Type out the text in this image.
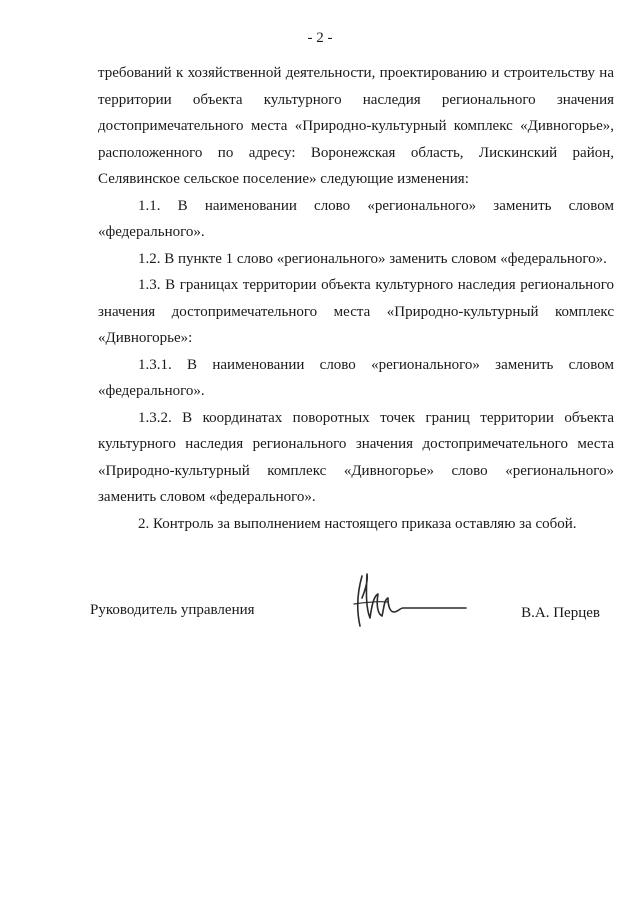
- 2 -

требований к хозяйственной деятельности, проектированию и строительству на территории объекта культурного наследия регионального значения достопримечательного места «Природно-культурный комплекс «Дивногорье», расположенного по адресу: Воронежская область, Лискинский район, Селявинское сельское поселение» следующие изменения:

1.1. В наименовании слово «регионального» заменить словом «федерального».

1.2. В пункте 1 слово «регионального» заменить словом «федерального».

1.3. В границах территории объекта культурного наследия регионального значения достопримечательного места «Природно-культурный комплекс «Дивногорье»:

1.3.1. В наименовании слово «регионального» заменить словом «федерального».

1.3.2. В координатах поворотных точек границ территории объекта культурного наследия регионального значения достопримечательного места «Природно-культурный комплекс «Дивногорье» слово «регионального» заменить словом «федерального».

2. Контроль за выполнением настоящего приказа оставляю за собой.

Руководитель управления	В.А. Перцев
